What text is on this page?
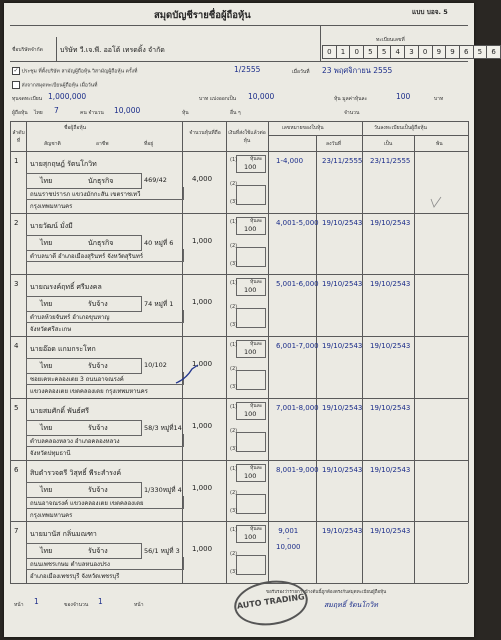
สมุดบัญชีรายชื่อผู้ถือหุ้น	แบบ บอจ. 5
ชื่อบริษัทจำกัด บริษัท วี.เจ.พี. ออโต้ เทรดดิ้ง จำกัด
ทะเบียนเลขที่
0	1	0	5	5	4	3	0	9	9	6	5	6
✓ ประชุม ที่ตั้งบริษัท สามัญผู้ถือหุ้น วิสามัญผู้ถือหุ้น ครั้งที่	1/2555	เมื่อวันที่ 23 พฤศจิกายน 2555
ส่งจากสมุดทะเบียนผู้ถือหุ้น เมื่อวันที่
ทุนจดทะเบียน 1,000,000	บาท แบ่งออกเป็น 10,000	หุ้น มูลค่าหุ้นละ	100	บาท
ผู้ถือหุ้น ไทย 7	คน จำนวน 10,000	หุ้น	อื่น ๆ	จำนวน
ลำดับที่
ชื่อผู้ถือหุ้น
สัญชาติ	อาชีพ	ที่อยู่
จำนวนหุ้นที่ถือ	เงินที่ส่งใช้แล้วต่อหุ้น
เลขหมายของใบหุ้น
ลงวันที่
วันลงทะเบียนเป็นผู้ถือหุ้น
เป็น	พ้น
1 นายสุกฤษฎ์ รัตนโกวิท
ไทย	นักธุรกิจ	469/42
ถนนราชปรารภ แขวงมักกะสัน เขตราชเทวี
กรุงเทพมหานคร
4,000
หุ้นละ
100
(1)
(2)
(3)
1-4,000	23/11/2555 23/11/2555
2 นายวัฒน์ มั่งมี
ไทย	นักธุรกิจ	40 หมู่ที่ 6
ตำบลนาดี อำเภอเมืองสุรินทร์ จังหวัดสุรินทร์
1,000
หุ้นละ
100
(1)
(2)
(3)
4,001-5,000 19/10/2543 19/10/2543
3 นายณรงค์ฤทธิ์ ศรีมงคล
ไทย	รับจ้าง	74 หมู่ที่ 1
ตำบลห้วยจันทร์ อำเภอขุนหาญ
จังหวัดศรีสะเกษ
1,000
หุ้นละ
100
(1)
(2)
(3)
5,001-6,000 19/10/2543 19/10/2543
4 นายอ๊อด แกมกระโทก
ไทย	รับจ้าง	10/102
ซอยเคหะคลองเตย 3 ถนนอาจณรงค์
แขวงคลองเตย เขตคลองเตย กรุงเทพมหานคร
1,000
หุ้นละ
100
(1)
(2)
(3)
6,001-7,000 19/10/2543 19/10/2543
5 นายสมศักดิ์ พันธ์ศรี
ไทย	รับจ้าง	58/3 หมู่ที่14
ตำบลคลองหลวง อำเภอคลองหลวง
จังหวัดปทุมธานี
1,000
หุ้นละ
100
(1)
(2)
(3)
7,001-8,000 19/10/2543 19/10/2543
6 สิบตำรวจตรี วิสุทธิ์ พีระสำรงค์
ไทย	รับจ้าง	1/330หมู่ที่ 4
ถนนอาจณรงค์ แขวงคลองเตย เขตคลองเตย
กรุงเทพมหานคร
1,000
หุ้นละ
100
(1)
(2)
(3)
8,001-9,000 19/10/2543 19/10/2543
7 นายมานัส กลิ่นมณฑา
ไทย	รับจ้าง	56/1 หมู่ที่ 3
ถนนเพชรเกษม ตำบลหนองปรง
อำเภอเมืองเพชรบุรี จังหวัดเพชรบุรี
1,000
หุ้นละ
100
(1)
(2)
(3)
9,001
-
10,000
19/10/2543 19/10/2543
หน้า 1	ของจำนวน 1	หน้า
ขอรับรองว่ารายการข้างต้นนี้ถูกต้องตรงกับสมุดทะเบียนผู้ถือหุ้น
สมฤทธิ์ รัตนโกวิท
AUTO TRADING
